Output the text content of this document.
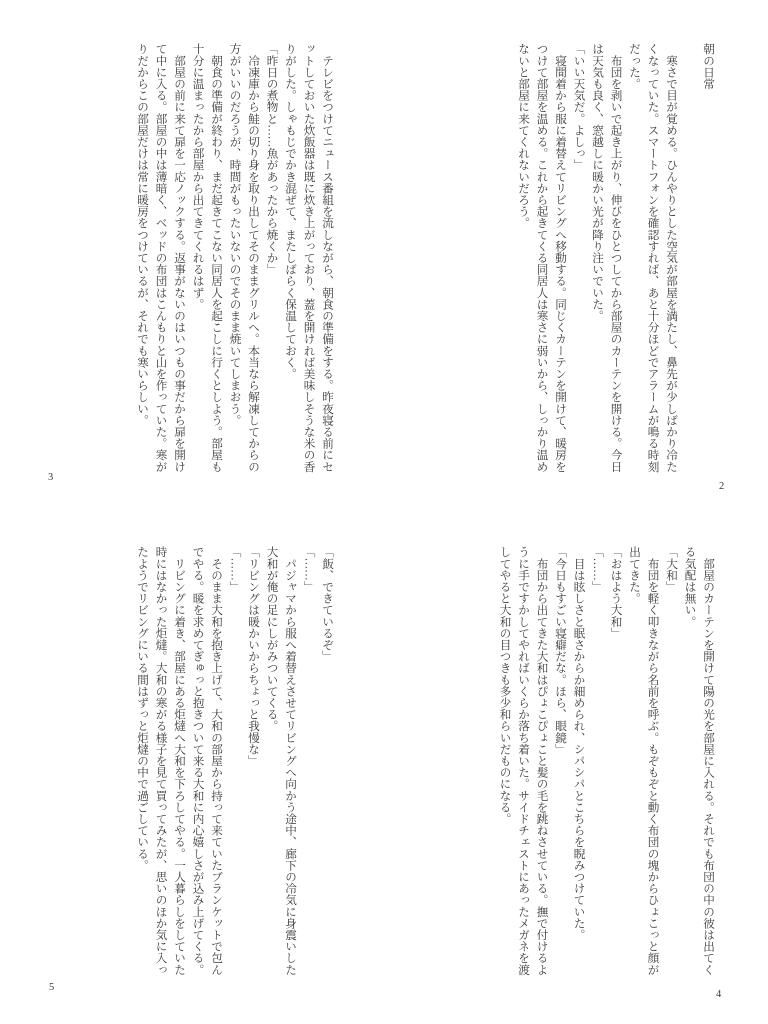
朝の日常

　寒さで目が覚める。ひんやりとした空気が部屋を満たし、鼻先が少しばかり冷た

くなっていた。スマートフォンを確認すれば、あと十分ほどでアラームが鳴る時刻

だった。

　布団を剥いで起き上がり、伸びをひとつしてから部屋のカーテンを開ける。今日

は天気も良く、窓越しに暖かい光が降り注いでいた。

「いい天気だ。よしっ」

　寝間着から服に着替えてリビングへ移動する。同じくカーテンを開けて、暖房を

つけて部屋を温める。これから起きてくる同居人は寒さに弱いから、しっかり温め

ないと部屋に来てくれないだろう。

2

　テレビをつけてニュース番組を流しながら、朝食の準備をする。昨夜寝る前にセ

ットしておいた炊飯器は既に炊き上がっており、蓋を開ければ美味しそうな米の香

りがした。しゃもじでかき混ぜて、またしばらく保温しておく。

「昨日の煮物と……魚があったから焼くか」

　冷凍庫から鮭の切り身を取り出してそのままグリルへ。本当なら解凍してからの

方がいいのだろうが、時間がもったいないのでそのまま焼いてしまおう。

　朝食の準備が終わり、まだ起きてこない同居人を起こしに行くとしよう。部屋も

十分に温まったから部屋から出てきてくれるはず。

　部屋の前に来て扉を一応ノックする。返事がないのはいつもの事だから扉を開け

て中に入る。部屋の中は薄暗く、ベッドの布団はこんもりと山を作っていた。寒が

りだからこの部屋だけは常に暖房をつけているが、それでも寒いらしい。

3

　部屋のカーテンを開けて陽の光を部屋に入れる。それでも布団の中の彼は出てく

る気配は無い。

「大和」

　布団を軽く叩きながら名前を呼ぶ。もぞもぞと動く布団の塊からひょこっと顔が

出てきた。

「おはよう大和」

「……」

　目は眩しさと眠さからか細められ、シパシパとこちらを睨みつけていた。

「今日もすごい寝癖だな。ほら、眼鏡」

　布団から出てきた大和はぴょこぴょこと髪の毛を跳ねさせている。撫で付けるよ

うに手ですかしてやればいくらか落ち着いた。サイドチェストにあったメガネを渡

してやると大和の目つきも多少和らいだものになる。

4

「飯、できているぞ」

「……」

　パジャマから服へ着替えさせてリビングへ向かう途中、廊下の冷気に身震いした

大和が俺の足にしがみついてくる。

「リビングは暖かいからちょっと我慢な」

「……」

　そのまま大和を抱き上げて、大和の部屋から持って来ていたブランケットで包ん

でやる。暖を求めてぎゅっと抱きついて来る大和に内心嬉しさが込み上げてくる。

　リビングに着き、部屋にある炬燵へ大和を下ろしてやる。一人暮らしをしていた

時にはなかった炬燵。大和の寒がる様子を見て買ってみたが、思いのほか気に入っ

たようでリビングにいる間はずっと炬燵の中で過ごしている。

5
